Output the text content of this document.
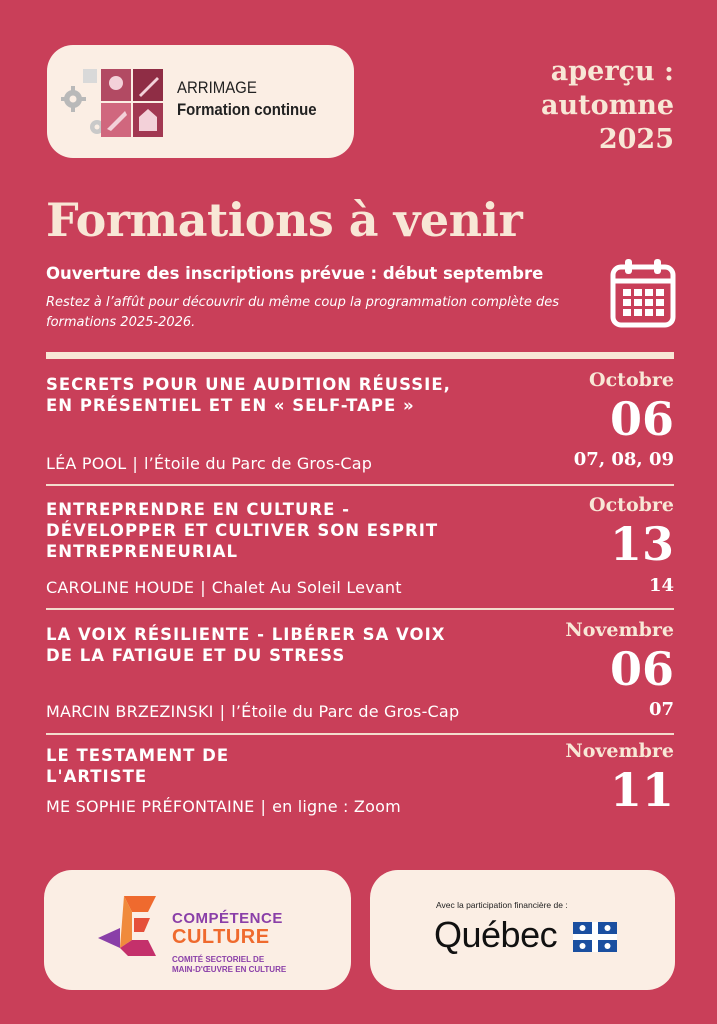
ARRIMAGE
Formation continue
aperçu :
automne
2025
Formations à venir
Ouverture des inscriptions prévue : début septembre
Restez à l’affût pour découvrir du même coup la programmation complète des formations 2025-2026.
SECRETS POUR UNE AUDITION RÉUSSIE, EN PRÉSENTIEL ET EN « SELF-TAPE »
LÉA POOL | l’Étoile du Parc de Gros-Cap
Octobre
06
07, 08, 09
ENTREPRENDRE EN CULTURE - DÉVELOPPER ET CULTIVER SON ESPRIT ENTREPRENEURIAL
CAROLINE HOUDE | Chalet Au Soleil Levant
Octobre
13
14
LA VOIX RÉSILIENTE - LIBÉRER SA VOIX DE LA FATIGUE ET DU STRESS
MARCIN BRZEZINSKI | l’Étoile du Parc de Gros-Cap
Novembre
06
07
LE TESTAMENT DE L'ARTISTE
ME SOPHIE PRÉFONTAINE | en ligne : Zoom
Novembre
11
COMPÉTENCE
CULTURE
COMITÉ SECTORIEL DE
MAIN-D'ŒUVRE EN CULTURE
Avec la participation financière de :
Québec
